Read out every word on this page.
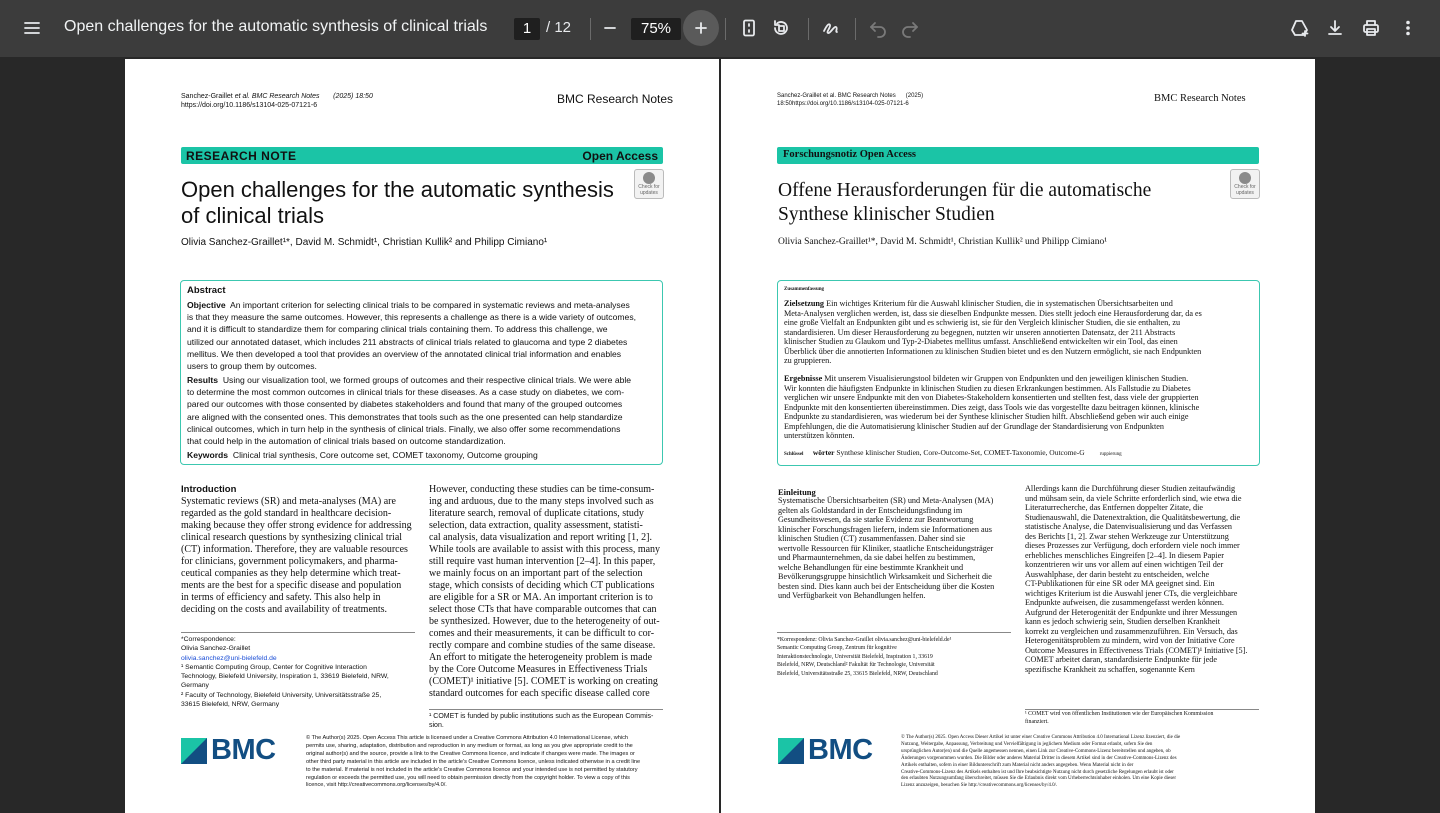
Open challenges for the automatic synthesis of clinical trials	1 / 12	75%
Sanchez-Graillet et al. BMC Research Notes (2025) 18:50
https://doi.org/10.1186/s13104-025-07121-6	BMC Research Notes
RESEARCH NOTE	Open Access
Open challenges for the automatic synthesis
of clinical trials
Check for updates
Olivia Sanchez-Graillet¹*, David M. Schmidt¹, Christian Kullik² and Philipp Cimiano¹
Abstract
Objective An important criterion for selecting clinical trials to be compared in systematic reviews and meta-analyses
is that they measure the same outcomes. However, this represents a challenge as there is a wide variety of outcomes,
and it is difficult to standardize them for comparing clinical trials containing them. To address this challenge, we
utilized our annotated dataset, which includes 211 abstracts of clinical trials related to glaucoma and type 2 diabetes
mellitus. We then developed a tool that provides an overview of the annotated clinical trial information and enables
users to group them by outcomes.
Results Using our visualization tool, we formed groups of outcomes and their respective clinical trials. We were able
to determine the most common outcomes in clinical trials for these diseases. As a case study on diabetes, we com-
pared our outcomes with those consented by diabetes stakeholders and found that many of the grouped outcomes
are aligned with the consented ones. This demonstrates that tools such as the one presented can help standardize
clinical outcomes, which in turn help in the synthesis of clinical trials. Finally, we also offer some recommendations
that could help in the automation of clinical trials based on outcome standardization.
Keywords Clinical trial synthesis, Core outcome set, COMET taxonomy, Outcome grouping
Introduction
Systematic reviews (SR) and meta-analyses (MA) are
regarded as the gold standard in healthcare decision-
making because they offer strong evidence for addressing
clinical research questions by synthesizing clinical trial
(CT) information. Therefore, they are valuable resources
for clinicians, government policymakers, and pharma-
ceutical companies as they help determine which treat-
ments are the best for a specific disease and population
in terms of efficiency and safety. This also help in
deciding on the costs and availability of treatments.
However, conducting these studies can be time-consum-
ing and arduous, due to the many steps involved such as
literature search, removal of duplicate citations, study
selection, data extraction, quality assessment, statisti-
cal analysis, data visualization and report writing [1, 2].
While tools are available to assist with this process, many
still require vast human intervention [2–4]. In this paper,
we mainly focus on an important part of the selection
stage, which consists of deciding which CT publications
are eligible for a SR or MA. An important criterion is to
select those CTs that have comparable outcomes that can
be synthesized. However, due to the heterogeneity of out-
comes and their measurements, it can be difficult to cor-
rectly compare and combine studies of the same disease.
An effort to mitigate the heterogeneity problem is made
by the Core Outcome Measures in Effectiveness Trials
(COMET)¹ initiative [5]. COMET is working on creating
standard outcomes for each specific disease called core
*Correspondence:
Olivia Sanchez-Graillet
olivia.sanchez@uni-bielefeld.de
¹ Semantic Computing Group, Center for Cognitive Interaction
Technology, Bielefeld University, Inspiration 1, 33619 Bielefeld, NRW,
Germany
² Faculty of Technology, Bielefeld University, Universitätsstraße 25,
33615 Bielefeld, NRW, Germany
¹ COMET is funded by public institutions such as the European Commis-
sion.
BMC	© The Author(s) 2025. Open Access This article is licensed under a Creative Commons Attribution 4.0 International License, which
permits use, sharing, adaptation, distribution and reproduction in any medium or format, as long as you give appropriate credit to the
original author(s) and the source, provide a link to the Creative Commons licence, and indicate if changes were made. The images or
other third party material in this article are included in the article's Creative Commons licence, unless indicated otherwise in a credit line
to the material. If material is not included in the article's Creative Commons licence and your intended use is not permitted by statutory
regulation or exceeds the permitted use, you will need to obtain permission directly from the copyright holder. To view a copy of this
licence, visit http://creativecommons.org/licenses/by/4.0/.
Sanchez-Graillet et al. BMC Research Notes (2025)
18:50https://doi.org/10.1186/s13104-025-07121-6	BMC Research Notes
Forschungsnotiz Open Access
Offene Herausforderungen für die automatische
Synthese klinischer Studien
Check for updates
Olivia Sanchez-Graillet¹*, David M. Schmidt¹, Christian Kullik² und Philipp Cimiano¹
Zusammenfassung
Zielsetzung Ein wichtiges Kriterium für die Auswahl klinischer Studien, die in systematischen Übersichtsarbeiten und
Meta-Analysen verglichen werden, ist, dass sie dieselben Endpunkte messen. Dies stellt jedoch eine Herausforderung dar, da es
eine große Vielfalt an Endpunkten gibt und es schwierig ist, sie für den Vergleich klinischer Studien, die sie enthalten, zu
standardisieren. Um dieser Herausforderung zu begegnen, nutzten wir unseren annotierten Datensatz, der 211 Abstracts
klinischer Studien zu Glaukom und Typ-2-Diabetes mellitus umfasst. Anschließend entwickelten wir ein Tool, das einen
Überblick über die annotierten Informationen zu klinischen Studien bietet und es den Nutzern ermöglicht, sie nach Endpunkten
zu gruppieren.
Ergebnisse Mit unserem Visualisierungstool bildeten wir Gruppen von Endpunkten und den jeweiligen klinischen Studien.
Wir konnten die häufigsten Endpunkte in klinischen Studien zu diesen Erkrankungen bestimmen. Als Fallstudie zu Diabetes
verglichen wir unsere Endpunkte mit den von Diabetes-Stakeholdern konsentierten und stellten fest, dass viele der gruppierten
Endpunkte mit den konsentierten übereinstimmen. Dies zeigt, dass Tools wie das vorgestellte dazu beitragen können, klinische
Endpunkte zu standardisieren, was wiederum bei der Synthese klinischer Studien hilft. Abschließend geben wir auch einige
Empfehlungen, die die Automatisierung klinischer Studien auf der Grundlage der Standardisierung von Endpunkten
unterstützen könnten.
Schlüssel wörter Synthese klinischer Studien, Core-Outcome-Set, COMET-Taxonomie, Outcome-G	ruppierung
Einleitung
Systematische Übersichtsarbeiten (SR) und Meta-Analysen (MA)
gelten als Goldstandard in der Entscheidungsfindung im
Gesundheitswesen, da sie starke Evidenz zur Beantwortung
klinischer Forschungsfragen liefern, indem sie Informationen aus
klinischen Studien (CT) zusammenfassen. Daher sind sie
wertvolle Ressourcen für Kliniker, staatliche Entscheidungsträger
und Pharmaunternehmen, da sie dabei helfen zu bestimmen,
welche Behandlungen für eine bestimmte Krankheit und
Bevölkerungsgruppe hinsichtlich Wirksamkeit und Sicherheit die
besten sind. Dies kann auch bei der Entscheidung über die Kosten
und Verfügbarkeit von Behandlungen helfen.
Allerdings kann die Durchführung dieser Studien zeitaufwändig
und mühsam sein, da viele Schritte erforderlich sind, wie etwa die
Literaturrecherche, das Entfernen doppelter Zitate, die
Studienauswahl, die Datenextraktion, die Qualitätsbewertung, die
statistische Analyse, die Datenvisualisierung und das Verfassen
des Berichts [1, 2]. Zwar stehen Werkzeuge zur Unterstützung
dieses Prozesses zur Verfügung, doch erfordern viele noch immer
erhebliches menschliches Eingreifen [2–4]. In diesem Papier
konzentrieren wir uns vor allem auf einen wichtigen Teil der
Auswahlphase, der darin besteht zu entscheiden, welche
CT-Publikationen für eine SR oder MA geeignet sind. Ein
wichtiges Kriterium ist die Auswahl jener CTs, die vergleichbare
Endpunkte aufweisen, die zusammengefasst werden können.
Aufgrund der Heterogenität der Endpunkte und ihrer Messungen
kann es jedoch schwierig sein, Studien derselben Krankheit
korrekt zu vergleichen und zusammenzuführen. Ein Versuch, das
Heterogenitätsproblem zu mindern, wird von der Initiative Core
Outcome Measures in Effectiveness Trials (COMET)¹ Initiative [5].
COMET arbeitet daran, standardisierte Endpunkte für jede
spezifische Krankheit zu schaffen, sogenannte Kern
*Korrespondenz: Olivia Sanchez-Graillet olivia.sanchez@uni-bielefeld.de¹
Semantic Computing Group, Zentrum für kognitive
Interaktionstechnologie, Universität Bielefeld, Inspiration 1, 33619
Bielefeld, NRW, Deutschland² Fakultät für Technologie, Universität
Bielefeld, Universitätsstraße 25, 33615 Bielefeld, NRW, Deutschland
¹ COMET wird von öffentlichen Institutionen wie der Europäischen Kommission
finanziert.
BMC	© The Author(s) 2025. Open Access Dieser Artikel ist unter einer Creative Commons Attribution 4.0 International Lizenz lizenziert, die die
Nutzung, Weitergabe, Anpassung, Verbreitung und Vervielfältigung in jeglichem Medium oder Format erlaubt, sofern Sie den
ursprünglichen Autor(en) und die Quelle angemessen nennen, einen Link zur Creative-Commons-Lizenz bereitstellen und angeben, ob
Änderungen vorgenommen wurden. Die Bilder oder anderes Material Dritter in diesem Artikel sind in der Creative-Commons-Lizenz des
Artikels enthalten, sofern in einer Bildunterschrift zum Material nicht anders angegeben. Wenn Material nicht in der
Creative-Commons-Lizenz des Artikels enthalten ist und Ihre beabsichtigte Nutzung nicht durch gesetzliche Regelungen erlaubt ist oder
den erlaubten Nutzungsumfang überschreitet, müssen Sie die Erlaubnis direkt vom Urheberrechtsinhaber einholen. Um eine Kopie dieser
Lizenz anzuzeigen, besuchen Sie http://creativecommons.org/licenses/by/4.0/.
